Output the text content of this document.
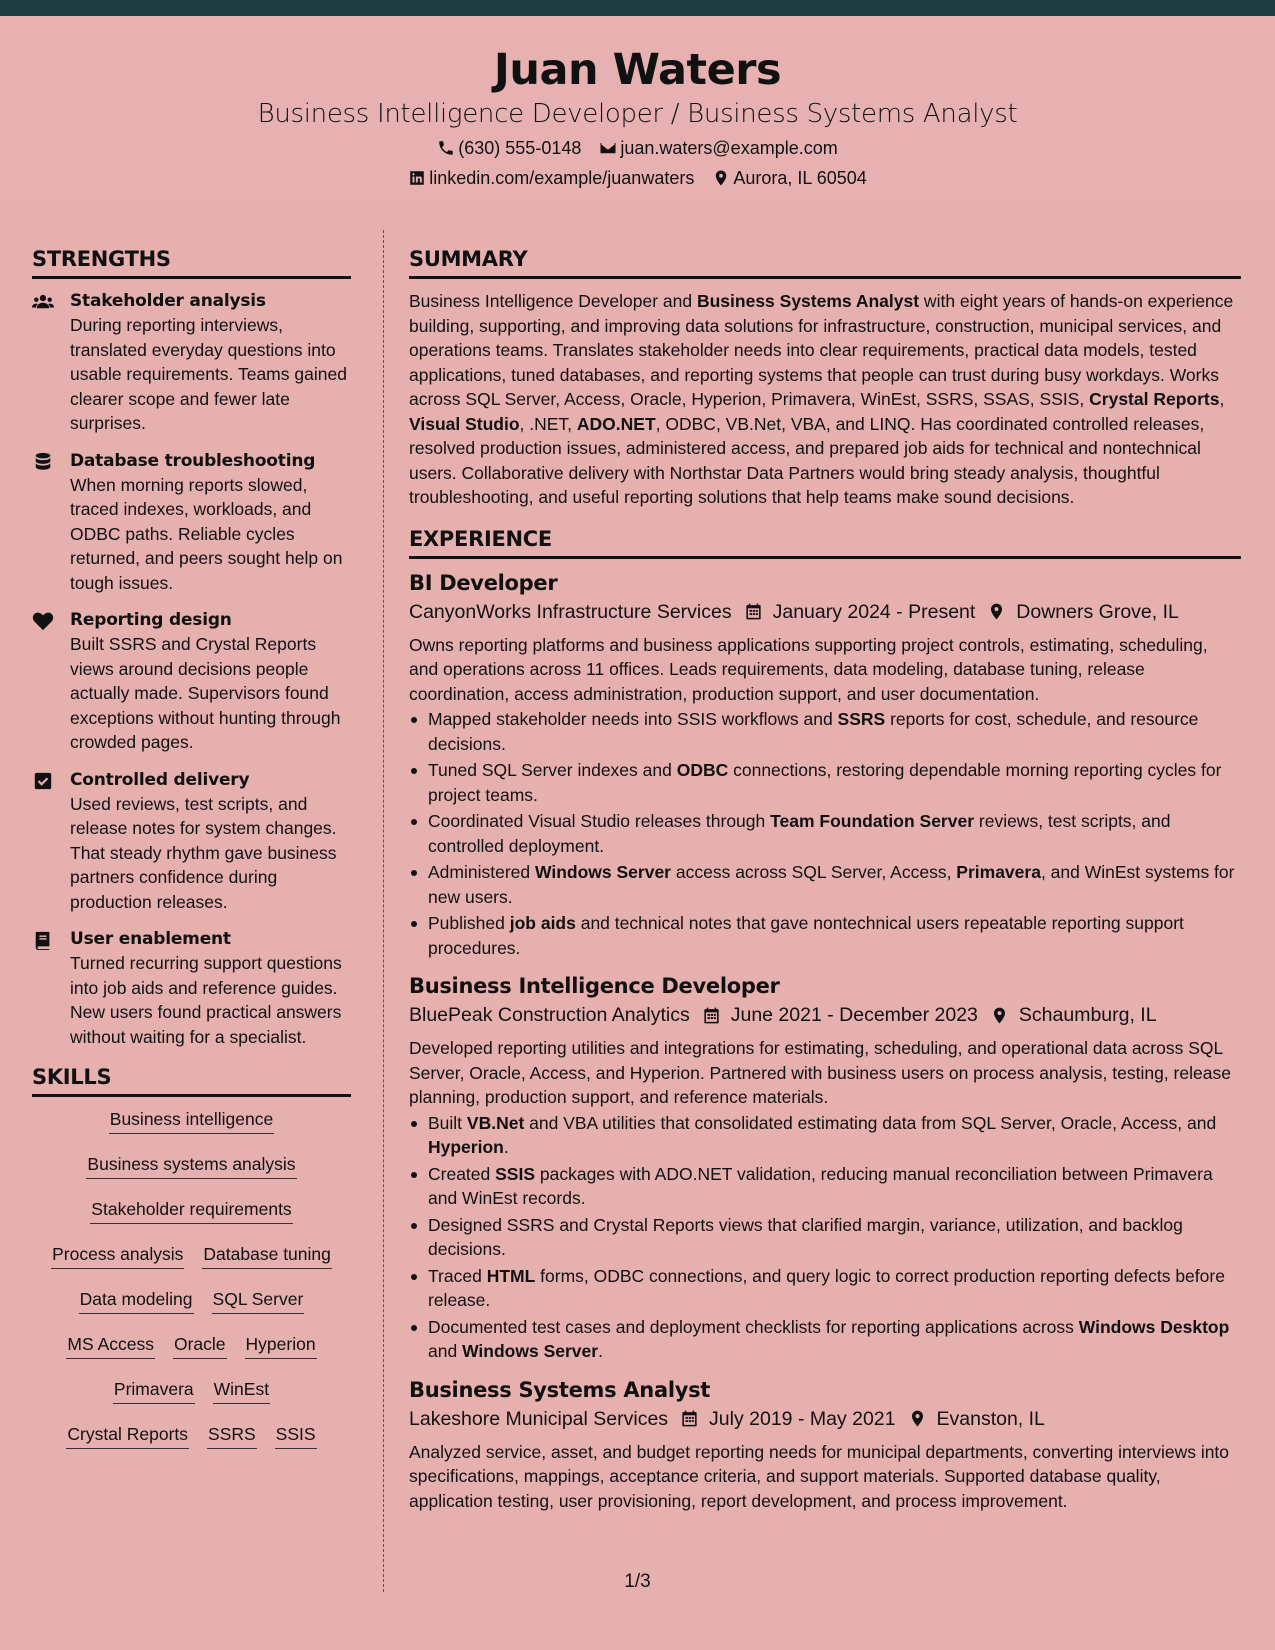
Juan Waters
Business Intelligence Developer / Business Systems Analyst
(630) 555-0148 juan.waters@example.com
linkedin.com/example/juanwaters Aurora, IL 60504
STRENGTHS
Stakeholder analysis
During reporting interviews, translated everyday questions into usable requirements. Teams gained clearer scope and fewer late surprises.
Database troubleshooting
When morning reports slowed, traced indexes, workloads, and ODBC paths. Reliable cycles returned, and peers sought help on tough issues.
Reporting design
Built SSRS and Crystal Reports views around decisions people actually made. Supervisors found exceptions without hunting through crowded pages.
Controlled delivery
Used reviews, test scripts, and release notes for system changes. That steady rhythm gave business partners confidence during production releases.
User enablement
Turned recurring support questions into job aids and reference guides. New users found practical answers without waiting for a specialist.
SKILLS
Business intelligence
Business systems analysis
Stakeholder requirements
Process analysis Database tuning
Data modeling SQL Server
MS Access Oracle Hyperion
Primavera WinEst
Crystal Reports SSRS SSIS
SUMMARY

Business Intelligence Developer and Business Systems Analyst with eight years of hands-on experience building, supporting, and improving data solutions for infrastructure, construction, municipal services, and operations teams. Translates stakeholder needs into clear requirements, practical data models, tested applications, tuned databases, and reporting systems that people can trust during busy workdays. Works across SQL Server, Access, Oracle, Hyperion, Primavera, WinEst, SSRS, SSAS, SSIS, Crystal Reports, Visual Studio, .NET, ADO.NET, ODBC, VB.Net, VBA, and LINQ. Has coordinated controlled releases, resolved production issues, administered access, and prepared job aids for technical and nontechnical users. Collaborative delivery with Northstar Data Partners would bring steady analysis, thoughtful troubleshooting, and useful reporting solutions that help teams make sound decisions.

EXPERIENCE
BI Developer
CanyonWorks Infrastructure Services January 2024 - Present Downers Grove, IL
Owns reporting platforms and business applications supporting project controls, estimating, scheduling, and operations across 11 offices. Leads requirements, data modeling, database tuning, release coordination, access administration, production support, and user documentation.
Mapped stakeholder needs into SSIS workflows and SSRS reports for cost, schedule, and resource decisions.
Tuned SQL Server indexes and ODBC connections, restoring dependable morning reporting cycles for project teams.
Coordinated Visual Studio releases through Team Foundation Server reviews, test scripts, and controlled deployment.
Administered Windows Server access across SQL Server, Access, Primavera, and WinEst systems for new users.
Published job aids and technical notes that gave nontechnical users repeatable reporting support procedures.
Business Intelligence Developer
BluePeak Construction Analytics June 2021 - December 2023 Schaumburg, IL
Developed reporting utilities and integrations for estimating, scheduling, and operational data across SQL Server, Oracle, Access, and Hyperion. Partnered with business users on process analysis, testing, release planning, production support, and reference materials.
Built VB.Net and VBA utilities that consolidated estimating data from SQL Server, Oracle, Access, and Hyperion.
Created SSIS packages with ADO.NET validation, reducing manual reconciliation between Primavera and WinEst records.
Designed SSRS and Crystal Reports views that clarified margin, variance, utilization, and backlog decisions.
Traced HTML forms, ODBC connections, and query logic to correct production reporting defects before release.
Documented test cases and deployment checklists for reporting applications across Windows Desktop and Windows Server.
Business Systems Analyst
Lakeshore Municipal Services July 2019 - May 2021 Evanston, IL
Analyzed service, asset, and budget reporting needs for municipal departments, converting interviews into specifications, mappings, acceptance criteria, and support materials. Supported database quality, application testing, user provisioning, report development, and process improvement.
1/3
